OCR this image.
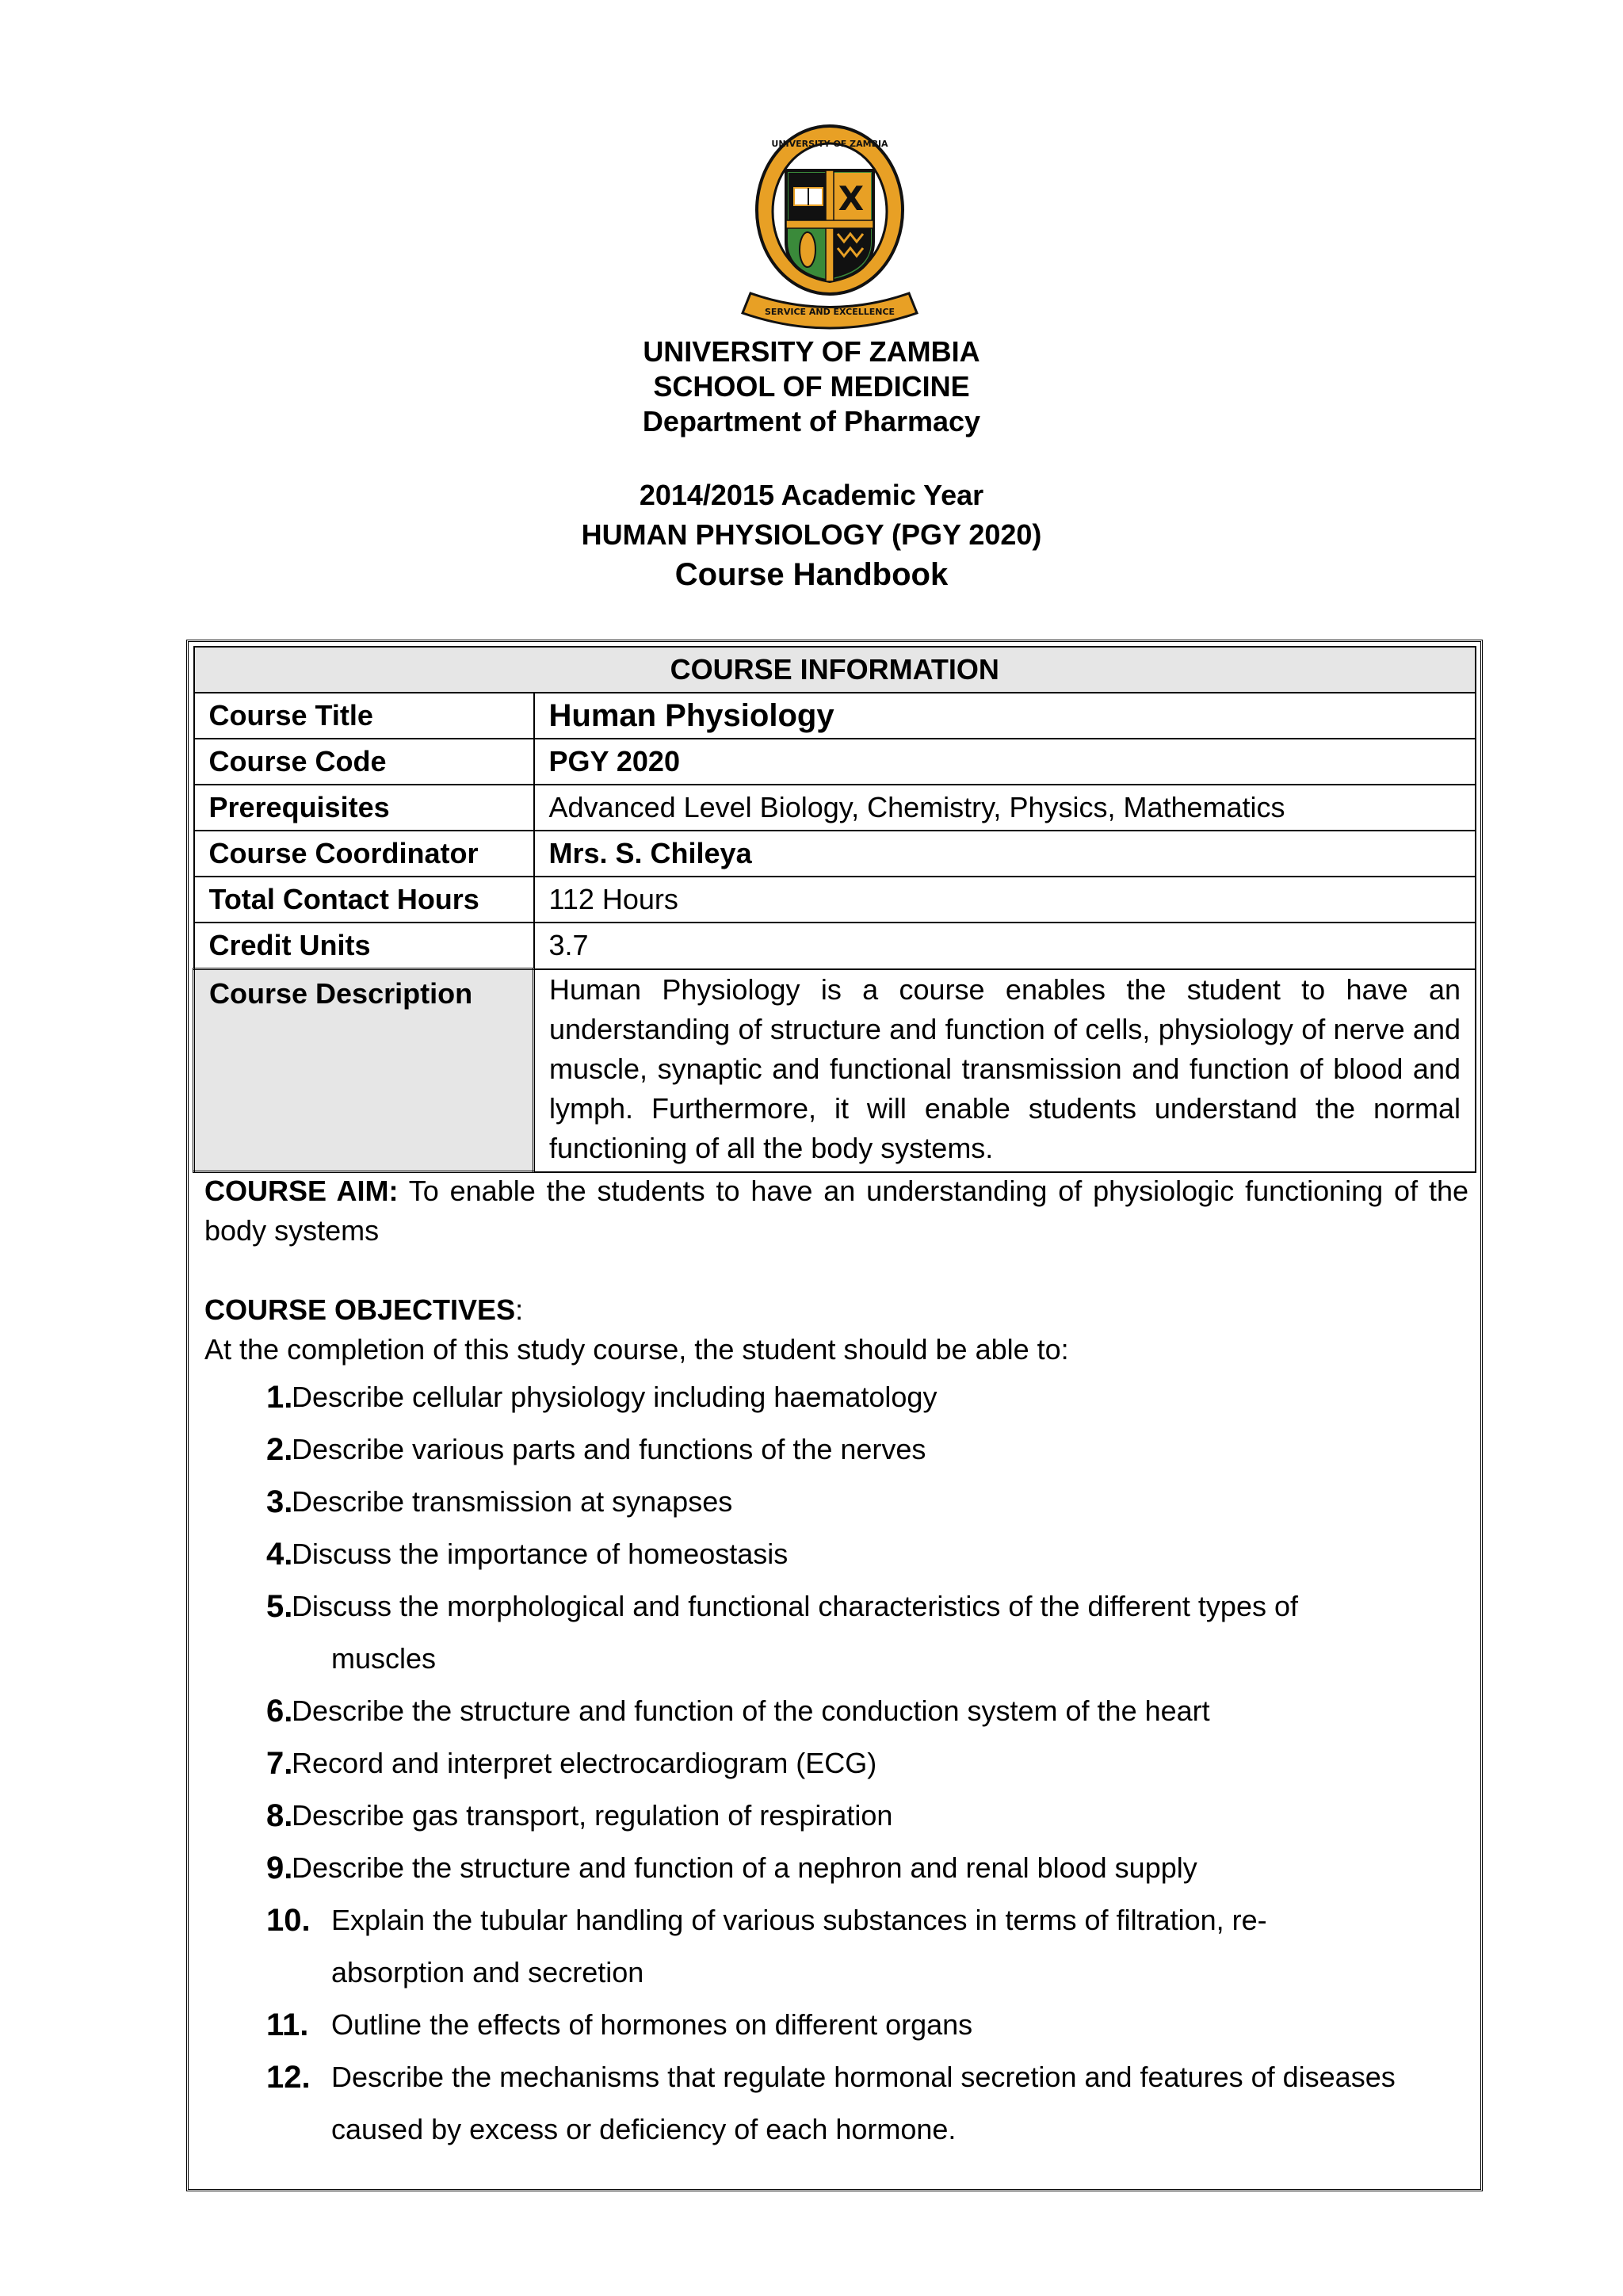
X
SERVICE AND EXCELLENCE
UNIVERSITY OF ZAMBIA
UNIVERSITY OF ZAMBIA
SCHOOL OF MEDICINE
Department of Pharmacy
2014/2015 Academic Year
HUMAN PHYSIOLOGY (PGY 2020)
Course Handbook
COURSE INFORMATION	
Course Title	Human Physiology
Course Code	PGY 2020
Prerequisites	Advanced Level Biology, Chemistry, Physics, Mathematics
Course Coordinator	Mrs. S. Chileya
Total Contact Hours	112 Hours
Credit Units	3.7
Course Description	Human Physiology is a course enables the student to have an understanding of structure and function of cells, physiology of nerve and muscle, synaptic and functional transmission and function of blood and lymph. Furthermore, it will enable students understand the normal functioning of all the body systems.
COURSE AIM: To enable the students to have an understanding of physiologic functioning of the body systems
COURSE OBJECTIVES:
At the completion of this study course, the student should be able to:
1.
Describe cellular physiology including haematology
2.
Describe various parts and functions of the nerves
3.
Describe transmission at synapses
4.
Discuss the importance of homeostasis
5.
Discuss the morphological and functional characteristics of the different types of
muscles
6.
Describe the structure and function of the conduction system of the heart
7.
Record and interpret electrocardiogram (ECG)
8.
Describe gas transport, regulation of respiration
9.
Describe the structure and function of a nephron and renal blood supply
10. Explain the tubular handling of various substances in terms of filtration, re-
absorption and secretion
11. Outline the effects of hormones on different organs
12. Describe the mechanisms that regulate hormonal secretion and features of diseases
caused by excess or deficiency of each hormone.
